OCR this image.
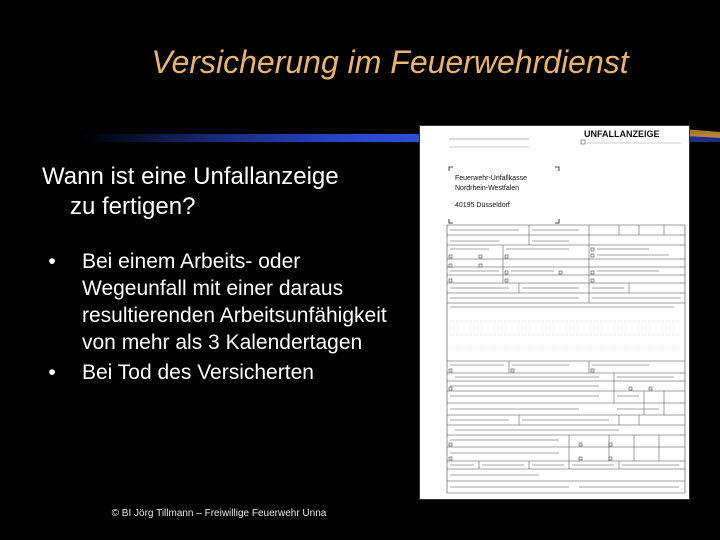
Versicherung im Feuerwehrdienst
Wann ist eine Unfallanzeige
zu fertigen?
•	Bei einem Arbeits- oder Wegeunfall mit einer daraus resultierenden Arbeitsunfähigkeit von mehr als 3 Kalendertagen
•	Bei Tod des Versicherten
© BI Jörg Tillmann – Freiwillige Feuerwehr Unna
UNFALLANZEIGE
Feuerwehr-Unfallkasse
Nordrhein-Westfalen
40195 Düsseldorf
